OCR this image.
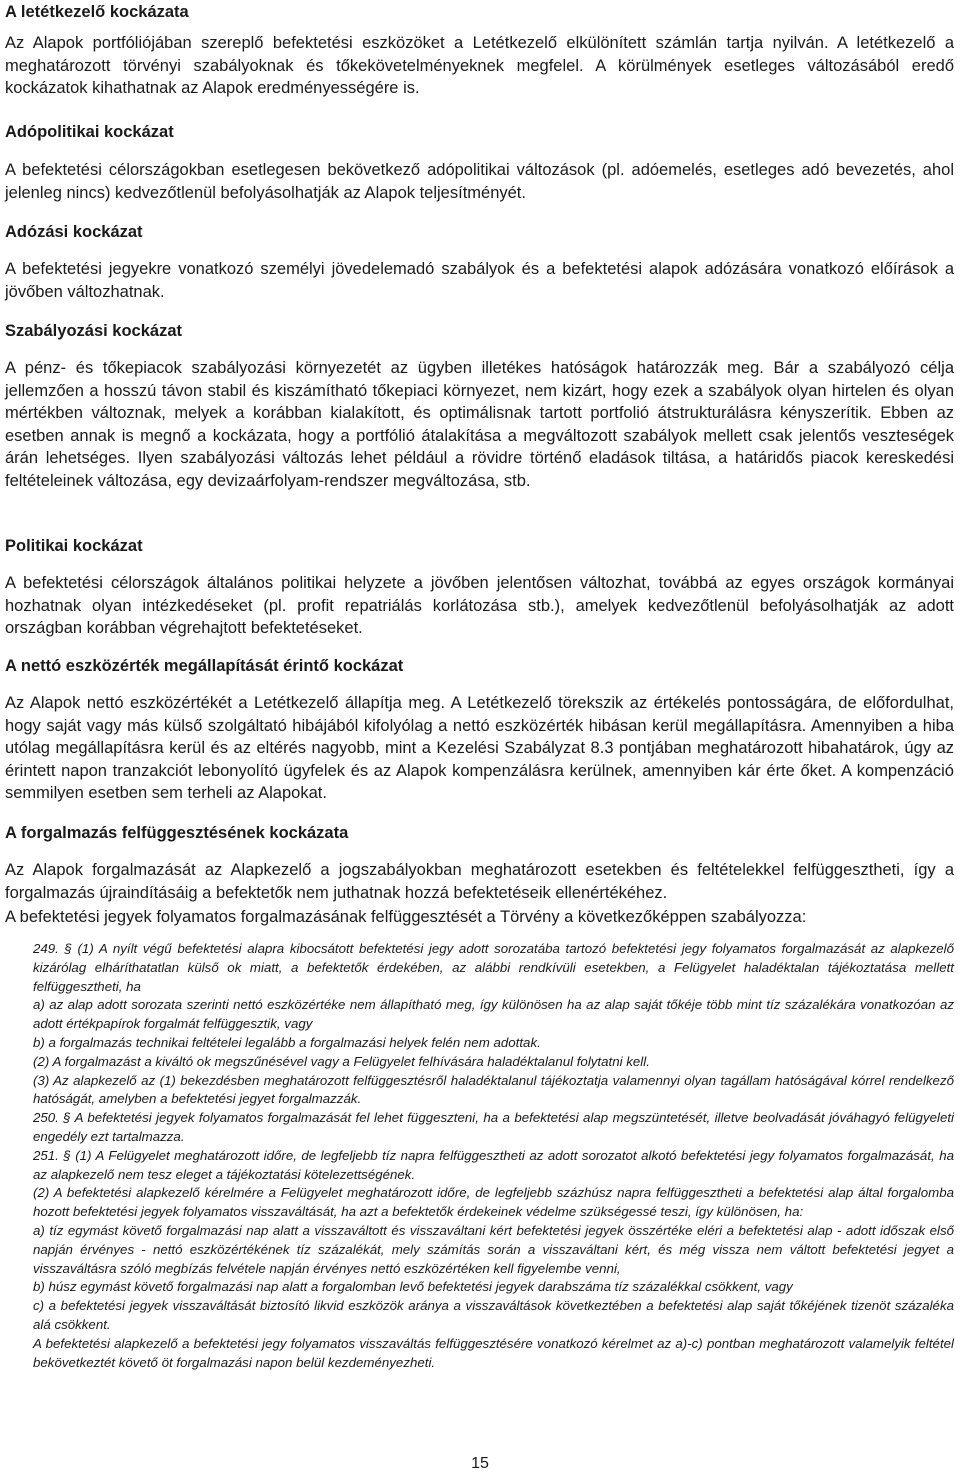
A letétkezelő kockázata

Az Alapok portfóliójában szereplő befektetési eszközöket a Letétkezelő elkülönített számlán tartja nyilván. A letétkezelő a meghatározott törvényi szabályoknak és tőkekövetelményeknek megfelel. A körülmények esetleges változásából eredő kockázatok kihathatnak az Alapok eredményességére is.

Adópolitikai kockázat

A befektetési célországokban esetlegesen bekövetkező adópolitikai változások (pl. adóemelés, esetleges adó bevezetés, ahol jelenleg nincs) kedvezőtlenül befolyásolhatják az Alapok teljesítményét.

Adózási kockázat

A befektetési jegyekre vonatkozó személyi jövedelemadó szabályok és a befektetési alapok adózására vonatkozó előírások a jövőben változhatnak.

Szabályozási kockázat

A pénz- és tőkepiacok szabályozási környezetét az ügyben illetékes hatóságok határozzák meg. Bár a szabályozó célja jellemzően a hosszú távon stabil és kiszámítható tőkepiaci környezet, nem kizárt, hogy ezek a szabályok olyan hirtelen és olyan mértékben változnak, melyek a korábban kialakított, és optimálisnak tartott portfolió átstrukturálásra kényszerítik. Ebben az esetben annak is megnő a kockázata, hogy a portfólió átalakítása a megváltozott szabályok mellett csak jelentős veszteségek árán lehetséges. Ilyen szabályozási változás lehet például a rövidre történő eladások tiltása, a határidős piacok kereskedési feltételeinek változása, egy devizaárfolyam-rendszer megváltozása, stb.

Politikai kockázat

A befektetési célországok általános politikai helyzete a jövőben jelentősen változhat, továbbá az egyes országok kormányai hozhatnak olyan intézkedéseket (pl. profit repatriálás korlátozása stb.), amelyek kedvezőtlenül befolyásolhatják az adott országban korábban végrehajtott befektetéseket.

A nettó eszközérték megállapítását érintő kockázat

Az Alapok nettó eszközértékét a Letétkezelő állapítja meg. A Letétkezelő törekszik az értékelés pontosságára, de előfordulhat, hogy saját vagy más külső szolgáltató hibájából kifolyólag a nettó eszközérték hibásan kerül megállapításra. Amennyiben a hiba utólag megállapításra kerül és az eltérés nagyobb, mint a Kezelési Szabályzat 8.3 pontjában meghatározott hibahatárok, úgy az érintett napon tranzakciót lebonyolító ügyfelek és az Alapok kompenzálásra kerülnek, amennyiben kár érte őket. A kompenzáció semmilyen esetben sem terheli az Alapokat.

A forgalmazás felfüggesztésének kockázata

Az Alapok forgalmazását az Alapkezelő a jogszabályokban meghatározott esetekben és feltételekkel felfüggesztheti, így a forgalmazás újraindításáig a befektetők nem juthatnak hozzá befektetéseik ellenértékéhez.

A befektetési jegyek folyamatos forgalmazásának felfüggesztését a Törvény a következőképpen szabályozza:

249. § (1) A nyílt végű befektetési alapra kibocsátott befektetési jegy adott sorozatába tartozó befektetési jegy folyamatos forgalmazását az alapkezelő kizárólag elháríthatatlan külső ok miatt, a befektetők érdekében, az alábbi rendkívüli esetekben, a Felügyelet haladéktalan tájékoztatása mellett felfüggesztheti, ha

a) az alap adott sorozata szerinti nettó eszközértéke nem állapítható meg, így különösen ha az alap saját tőkéje több mint tíz százalékára vonatkozóan az adott értékpapírok forgalmát felfüggesztik, vagy

b) a forgalmazás technikai feltételei legalább a forgalmazási helyek felén nem adottak.

(2) A forgalmazást a kiváltó ok megszűnésével vagy a Felügyelet felhívására haladéktalanul folytatni kell.

(3) Az alapkezelő az (1) bekezdésben meghatározott felfüggesztésről haladéktalanul tájékoztatja valamennyi olyan tagállam hatóságával kórrel rendelkező hatóságát, amelyben a befektetési jegyet forgalmazzák.

250. § A befektetési jegyek folyamatos forgalmazását fel lehet függeszteni, ha a befektetési alap megszüntetését, illetve beolvadását jóváhagyó felügyeleti engedély ezt tartalmazza.

251. § (1) A Felügyelet meghatározott időre, de legfeljebb tíz napra felfüggesztheti az adott sorozatot alkotó befektetési jegy folyamatos forgalmazását, ha az alapkezelő nem tesz eleget a tájékoztatási kötelezettségének.

(2) A befektetési alapkezelő kérelmére a Felügyelet meghatározott időre, de legfeljebb százhúsz napra felfüggesztheti a befektetési alap által forgalomba hozott befektetési jegyek folyamatos visszaváltását, ha azt a befektetők érdekeinek védelme szükségessé teszi, így különösen, ha:

a) tíz egymást követő forgalmazási nap alatt a visszaváltott és visszaváltani kért befektetési jegyek összértéke eléri a befektetési alap - adott időszak első napján érvényes - nettó eszközértékének tíz százalékát, mely számítás során a visszaváltani kért, és még vissza nem váltott befektetési jegyet a visszaváltásra szóló megbízás felvétele napján érvényes nettó eszközértéken kell figyelembe venni,

b) húsz egymást követő forgalmazási nap alatt a forgalomban levő befektetési jegyek darabszáma tíz százalékkal csökkent, vagy

c) a befektetési jegyek visszaváltását biztosító likvid eszközök aránya a visszaváltások következtében a befektetési alap saját tőkéjének tizenöt százaléka alá csökkent.

A befektetési alapkezelő a befektetési jegy folyamatos visszaváltás felfüggesztésére vonatkozó kérelmet az a)-c) pontban meghatározott valamelyik feltétel bekövetkeztét követő öt forgalmazási napon belül kezdeményezheti.

15
